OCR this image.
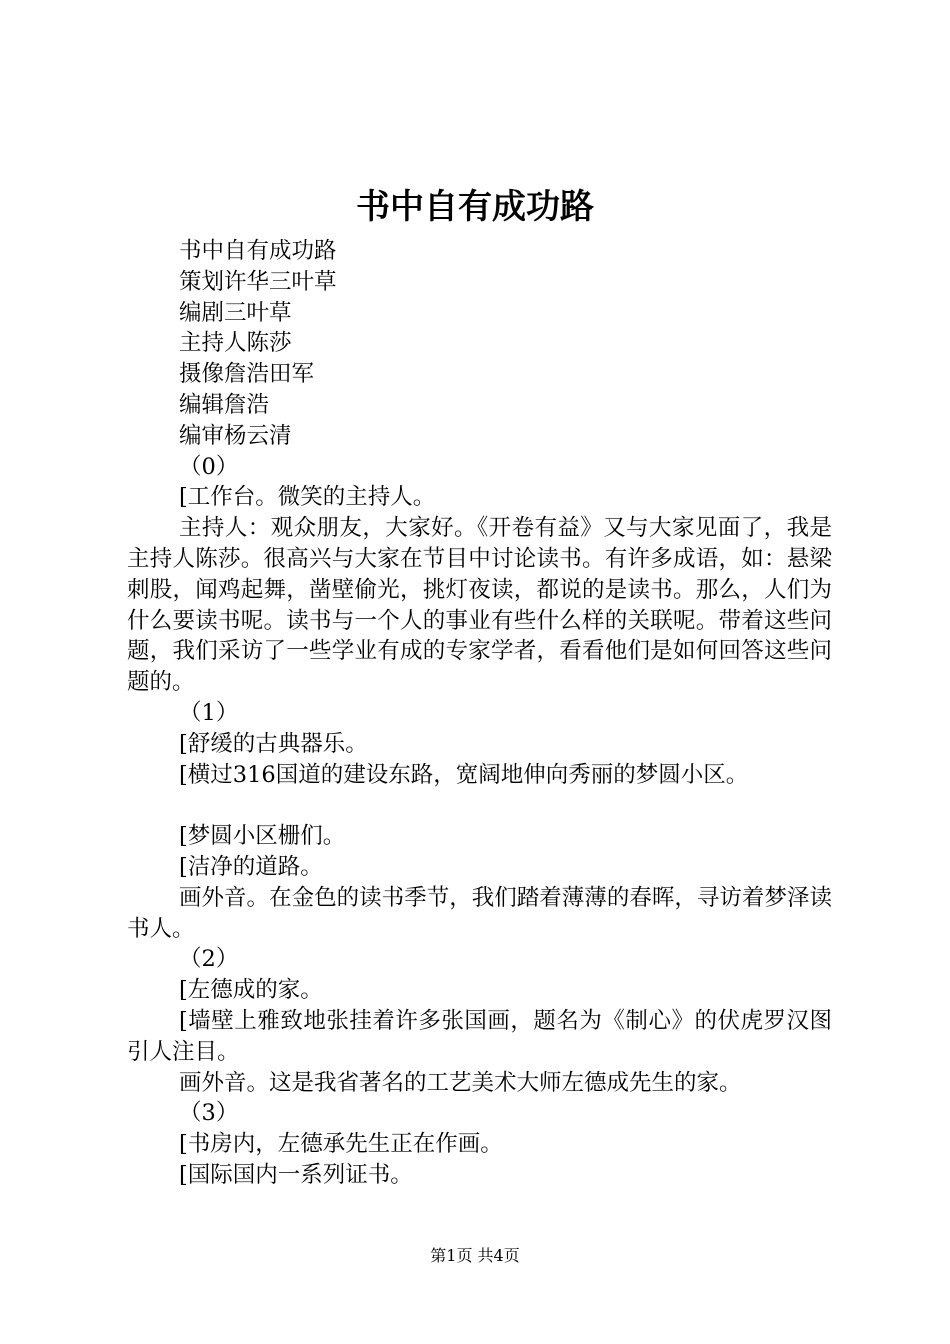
书中自有成功路

书中自有成功路

策划许华三叶草

编剧三叶草

主持人陈莎

摄像詹浩田军

编辑詹浩

编审杨云清

（0）

[工作台。微笑的主持人。

主持人：观众朋友，大家好。《开卷有益》又与大家见面了，我是主持人陈莎。很高兴与大家在节目中讨论读书。有许多成语，如：悬梁刺股，闻鸡起舞，凿壁偷光，挑灯夜读，都说的是读书。那么，人们为什么要读书呢。读书与一个人的事业有些什么样的关联呢。带着这些问题，我们采访了一些学业有成的专家学者，看看他们是如何回答这些问题的。

（1）

[舒缓的古典器乐。

[横过316国道的建设东路，宽阔地伸向秀丽的梦圆小区。

[梦圆小区栅们。

[洁净的道路。

画外音。在金色的读书季节，我们踏着薄薄的春晖，寻访着梦泽读书人。

（2）

[左德成的家。

[墙壁上雅致地张挂着许多张国画，题名为《制心》的伏虎罗汉图引人注目。

画外音。这是我省著名的工艺美术大师左德成先生的家。

（3）

[书房内，左德承先生正在作画。

[国际国内一系列证书。

第1页 共4页
